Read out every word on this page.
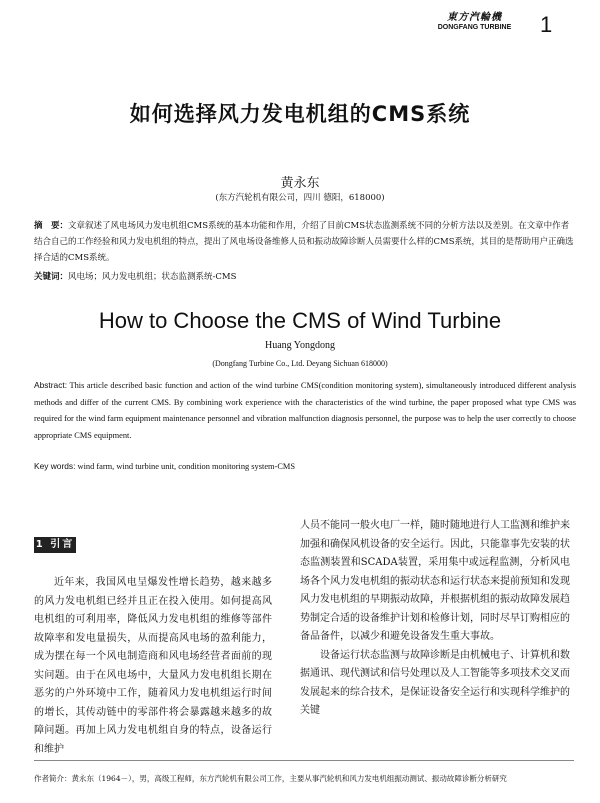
東方汽輪機
DONGFANG TURBINE	1
如何选择风力发电机组的CMS系统
黄永东
(东方汽轮机有限公司，四川 德阳，618000)
摘　要：文章叙述了风电场风力发电机组CMS系统的基本功能和作用，介绍了目前CMS状态监测系统不同的分析方法以及差别。在文章中作者结合自己的工作经验和风力发电机组的特点，提出了风电场设备维修人员和振动故障诊断人员需要什么样的CMS系统，其目的是帮助用户正确选择合适的CMS系统。
关键词：风电场；风力发电机组；状态监测系统-CMS
How to Choose the CMS of Wind Turbine
Huang Yongdong
(Dongfang Turbine Co., Ltd. Deyang Sichuan 618000)
Abstract: This article described basic function and action of the wind turbine CMS(condition monitoring system), simultaneously introduced different analysis methods and differ of the current CMS. By combining work experience with the characteristics of the wind turbine, the paper proposed what type CMS was required for the wind farm equipment maintenance personnel and vibration malfunction diagnosis personnel, the purpose was to help the user correctly to choose appropriate CMS equipment.
Key words: wind farm, wind turbine unit, condition monitoring system-CMS
1 引言

近年来，我国风电呈爆发性增长趋势，越来越多的风力发电机组已经并且正在投入使用。如何提高风电机组的可利用率，降低风力发电机组的维修等部件故障率和发电量损失，从而提高风电场的盈利能力，成为摆在每一个风电制造商和风电场经营者面前的现实问题。由于在风电场中，大量风力发电机组长期在恶劣的户外环境中工作，随着风力发电机组运行时间的增长，其传动链中的零部件将会暴露越来越多的故障问题。再加上风力发电机组自身的特点，设备运行和维护

人员不能同一般火电厂一样，随时随地进行人工监测和维护来加强和确保风机设备的安全运行。因此，只能靠事先安装的状态监测装置和SCADA装置，采用集中或远程监测，分析风电场各个风力发电机组的振动状态和运行状态来提前预知和发现风力发电机组的早期振动故障，并根据机组的振动故障发展趋势制定合适的设备维护计划和检修计划，同时尽早订购相应的备品备件，以减少和避免设备发生重大事故。

设备运行状态监测与故障诊断是由机械电子、计算机和数据通讯、现代测试和信号处理以及人工智能等多项技术交叉而发展起来的综合技术，是保证设备安全运行和实现科学维护的关键

作者简介：黄永东（1964－），男，高级工程师，东方汽轮机有限公司工作，主要从事汽轮机和风力发电机组振动测试、振动故障诊断分析研究
